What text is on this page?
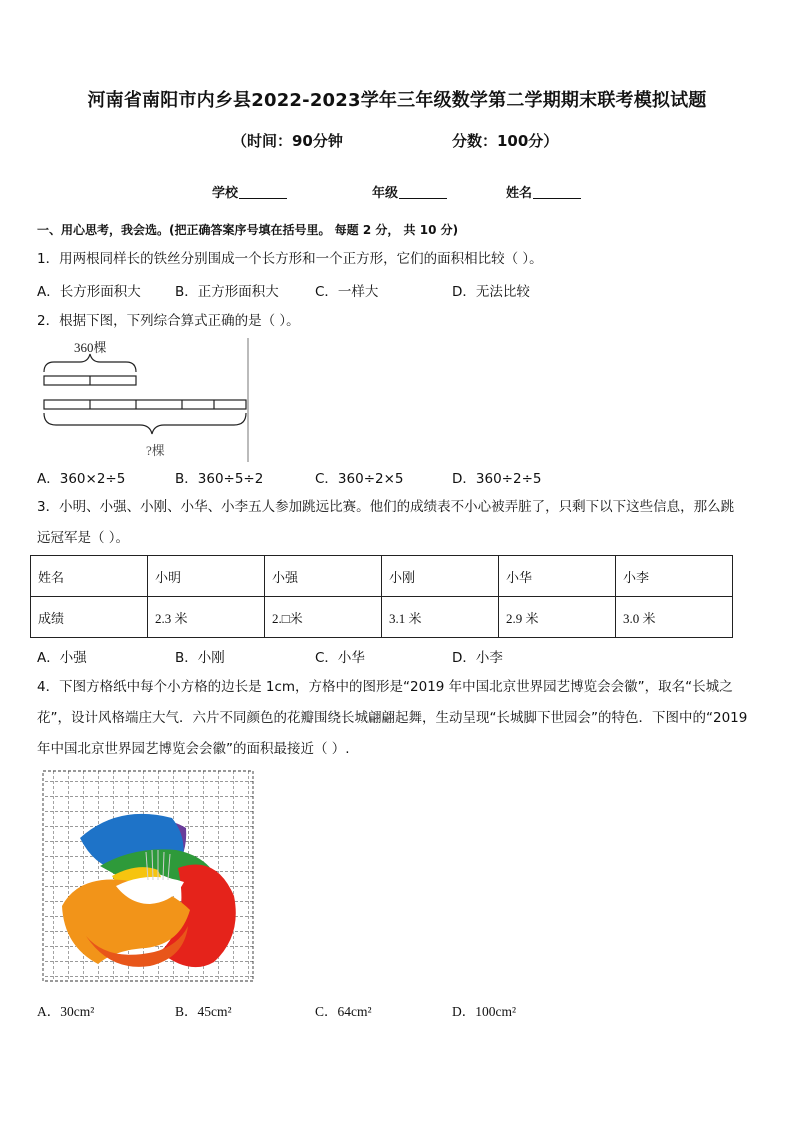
河南省南阳市内乡县2022-2023学年三年级数学第二学期期末联考模拟试题
（时间：90分钟	分数：100分）
学校	年级	姓名
一、用心思考，我会选。(把正确答案序号填在括号里。 每题 2 分， 共 10 分)
1．用两根同样长的铁丝分别围成一个长方形和一个正方形，它们的面积相比较（ ）。
A．长方形面积大	B．正方形面积大	C．一样大	D．无法比较
2．根据下图，下列综合算式正确的是（ ）。
360棵
?棵
A．360×2÷5	B．360÷5÷2	C．360÷2×5	D．360÷2÷5
3．小明、小强、小刚、小华、小李五人参加跳远比赛。他们的成绩表不小心被弄脏了，只剩下以下这些信息，那么跳
远冠军是（ ）。
姓名	小明	小强	小刚	小华	小李
成绩	2.3 米	2.□米	3.1 米	2.9 米	3.0 米
A．小强	B．小刚	C．小华	D．小李
4．下图方格纸中每个小方格的边长是 1cm，方格中的图形是“2019 年中国北京世界园艺博览会会徽”，取名“长城之
花”，设计风格端庄大气．六片不同颜色的花瓣围绕长城翩翩起舞，生动呈现“长城脚下世园会”的特色．下图中的“2019
年中国北京世界园艺博览会会徽”的面积最接近（ ）.
A．30cm²	B．45cm²	C．64cm²	D．100cm²
